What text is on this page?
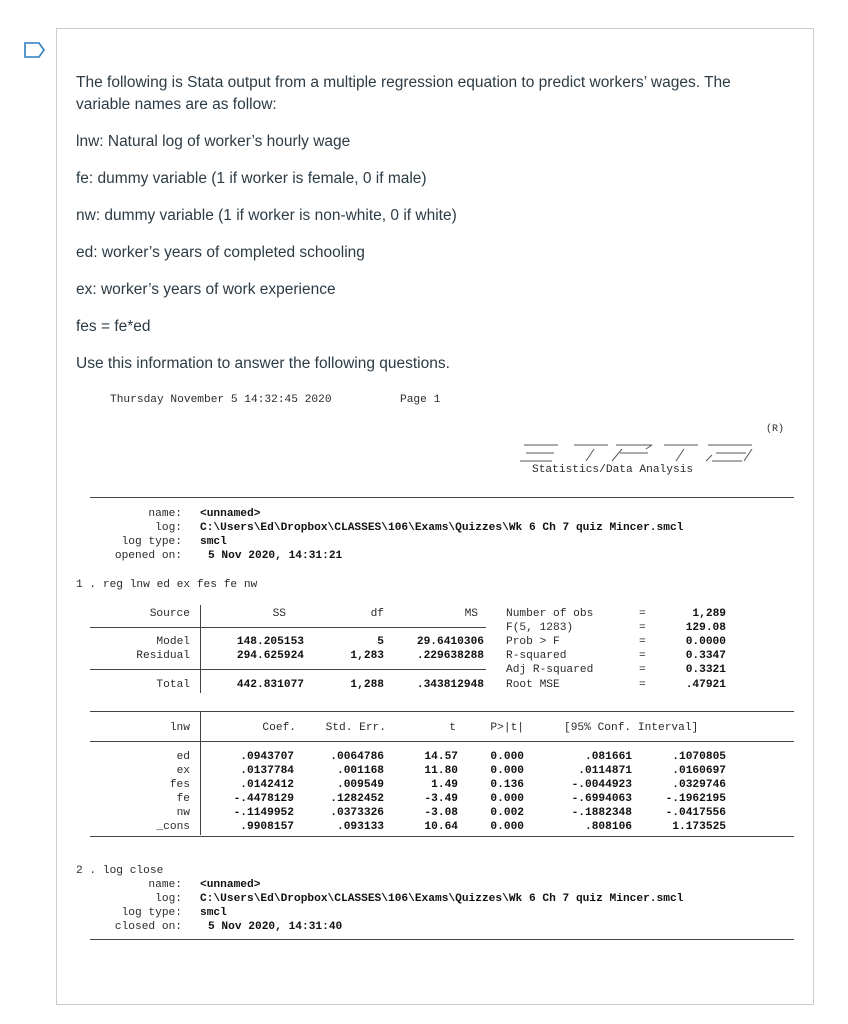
The following is Stata output from a multiple regression equation to predict workers’ wages. The variable names are as follow:

lnw: Natural log of worker’s hourly wage

fe: dummy variable (1 if worker is female, 0 if male)

nw: dummy variable (1 if worker is non-white, 0 if white)

ed: worker’s years of completed schooling

ex: worker’s years of work experience

fes = fe*ed

Use this information to answer the following questions.

Thursday November 5 14:32:45 2020	Page 1
(R)
Statistics/Data Analysis
name: <unnamed>
log: C:\Users\Ed\Dropbox\CLASSES\106\Exams\Quizzes\Wk 6 Ch 7 quiz Mincer.smcl
log type: smcl
opened on: 5 Nov 2020, 14:31:21
1 . reg lnw ed ex fes fe nw
Source	SS	df	MS
Model	148.205153	5	29.6410306
Residual	294.625924	1,283	.229638288
Total	442.831077	1,288	.343812948
Number of obs	=	1,289
F(5, 1283)	=	129.08
Prob > F	=	0.0000
R-squared	=	0.3347
Adj R-squared	=	0.3321
Root MSE	=	.47921
lnw	Coef.	Std. Err.	t	P>|t|	[95% Conf. Interval]
ed	.0943707	.0064786	14.57	0.000	.081661	.1070805
ex	.0137784	.001168	11.80	0.000	.0114871	.0160697
fes	.0142412	.009549	1.49	0.136	-.0044923	.0329746
fe	-.4478129	.1282452	-3.49	0.000	-.6994063	-.1962195
nw	-.1149952	.0373326	-3.08	0.002	-.1882348	-.0417556
_cons	.9908157	.093133	10.64	0.000	.808106	1.173525
2 . log close
name: <unnamed>
log: C:\Users\Ed\Dropbox\CLASSES\106\Exams\Quizzes\Wk 6 Ch 7 quiz Mincer.smcl
log type: smcl
closed on: 5 Nov 2020, 14:31:40
